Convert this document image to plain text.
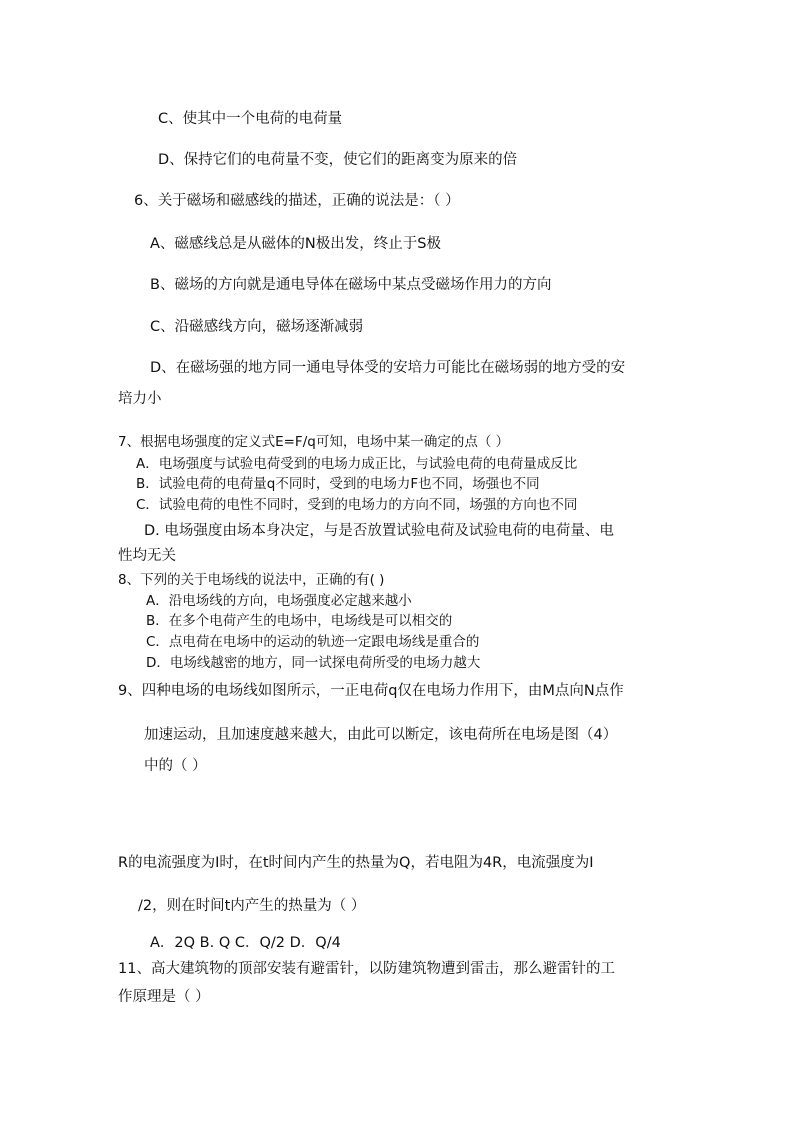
C、使其中一个电荷的电荷量
D、保持它们的电荷量不变，使它们的距离变为原来的倍
6、关于磁场和磁感线的描述，正确的说法是：（ ）
A、磁感线总是从磁体的N极出发，终止于S极
B、磁场的方向就是通电导体在磁场中某点受磁场作用力的方向
C、沿磁感线方向，磁场逐渐减弱
D、在磁场强的地方同一通电导体受的安培力可能比在磁场弱的地方受的安
培力小
7、根据电场强度的定义式E=F/q可知，电场中某一确定的点（ ）
A．电场强度与试验电荷受到的电场力成正比，与试验电荷的电荷量成反比
B．试验电荷的电荷量q不同时，受到的电场力F也不同，场强也不同
C．试验电荷的电性不同时，受到的电场力的方向不同，场强的方向也不同
D. 电场强度由场本身决定，与是否放置试验电荷及试验电荷的电荷量、电
性均无关
8、下列的关于电场线的说法中，正确的有( )
A．沿电场线的方向，电场强度必定越来越小
B．在多个电荷产生的电场中，电场线是可以相交的
C．点电荷在电场中的运动的轨迹一定跟电场线是重合的
D．电场线越密的地方，同一试探电荷所受的电场力越大
9、四种电场的电场线如图所示，一正电荷q仅在电场力作用下，由M点向N点作
加速运动，且加速度越来越大，由此可以断定，该电荷所在电场是图（4）
中的（ ）
R的电流强度为I时，在t时间内产生的热量为Q，若电阻为4R，电流强度为I
/2，则在时间t内产生的热量为（ ）
A．2Q B. Q C．Q/2 D．Q/4
11、高大建筑物的顶部安装有避雷针，以防建筑物遭到雷击，那么避雷针的工
作原理是（ ）
